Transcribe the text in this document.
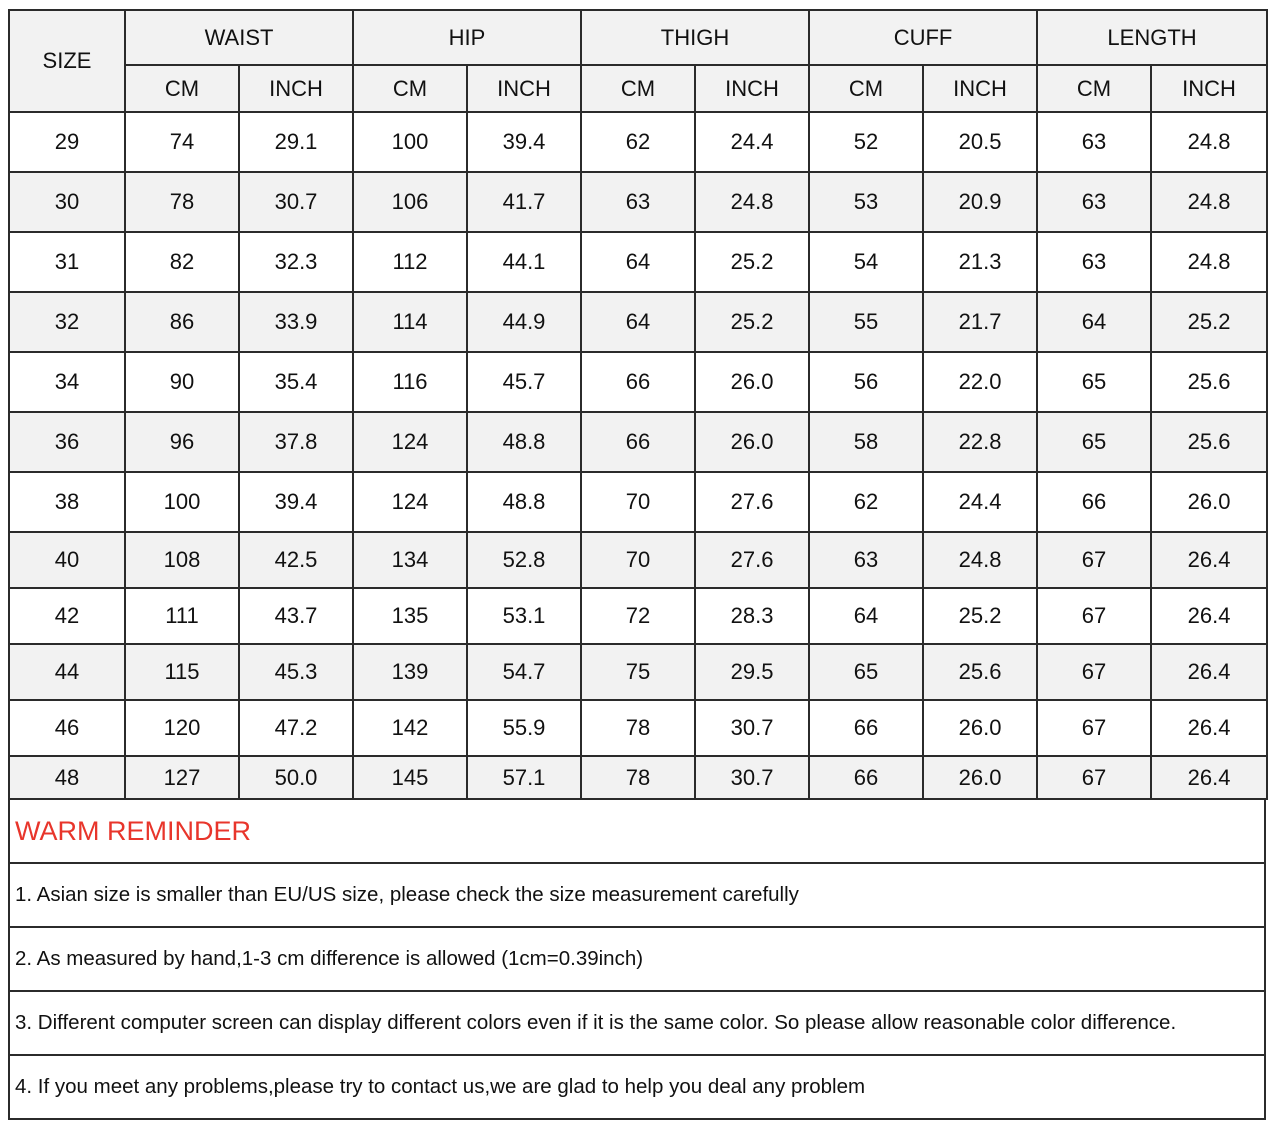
SIZE	WAIST		HIP		THIGH		CUFF		LENGTH	
	CM	INCH	CM	INCH	CM	INCH	CM	INCH	CM	INCH
29	74	29.1	100	39.4	62	24.4	52	20.5	63	24.8
30	78	30.7	106	41.7	63	24.8	53	20.9	63	24.8
31	82	32.3	112	44.1	64	25.2	54	21.3	63	24.8
32	86	33.9	114	44.9	64	25.2	55	21.7	64	25.2
34	90	35.4	116	45.7	66	26.0	56	22.0	65	25.6
36	96	37.8	124	48.8	66	26.0	58	22.8	65	25.6
38	100	39.4	124	48.8	70	27.6	62	24.4	66	26.0
40	108	42.5	134	52.8	70	27.6	63	24.8	67	26.4
42	111	43.7	135	53.1	72	28.3	64	25.2	67	26.4
44	115	45.3	139	54.7	75	29.5	65	25.6	67	26.4
46	120	47.2	142	55.9	78	30.7	66	26.0	67	26.4
48	127	50.0	145	57.1	78	30.7	66	26.0	67	26.4
WARM REMINDER
1. Asian size is smaller than EU/US size, please check the size measurement carefully
2. As measured by hand,1-3 cm difference is allowed (1cm=0.39inch)
3. Different computer screen can display different colors even if it is the same color. So please allow reasonable color difference.
4. If you meet any problems,please try to contact us,we are glad to help you deal any problem
